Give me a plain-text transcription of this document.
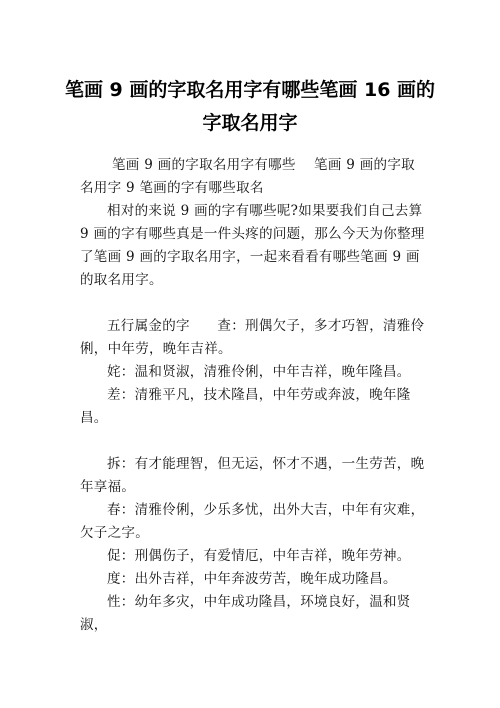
笔画 9 画的字取名用字有哪些笔画 16 画的
字取名用字

笔画 9 画的字取名用字有哪些　 笔画 9 画的字取名用字 9 笔画的字有哪些取名

相对的来说 9 画的字有哪些呢?如果要我们自己去算 9 画的字有哪些真是一件头疼的问题，那么今天为你整理了笔画 9 画的字取名用字，一起来看看有哪些笔画 9 画的取名用字。

五行属金的字　　查：刑偶欠子，多才巧智，清雅伶俐，中年劳，晚年吉祥。

姹：温和贤淑，清雅伶俐，中年吉祥，晚年隆昌。

差：清雅平凡，技术隆昌，中年劳或奔波，晚年隆昌。

拆：有才能理智，但无运，怀才不遇，一生劳苦，晚年享福。

春：清雅伶俐，少乐多忧，出外大吉，中年有灾难，欠子之字。

促：刑偶伤子，有爱情厄，中年吉祥，晚年劳神。

度：出外吉祥，中年奔波劳苦，晚年成功隆昌。

性：幼年多灾，中年成功隆昌，环境良好，温和贤淑，
